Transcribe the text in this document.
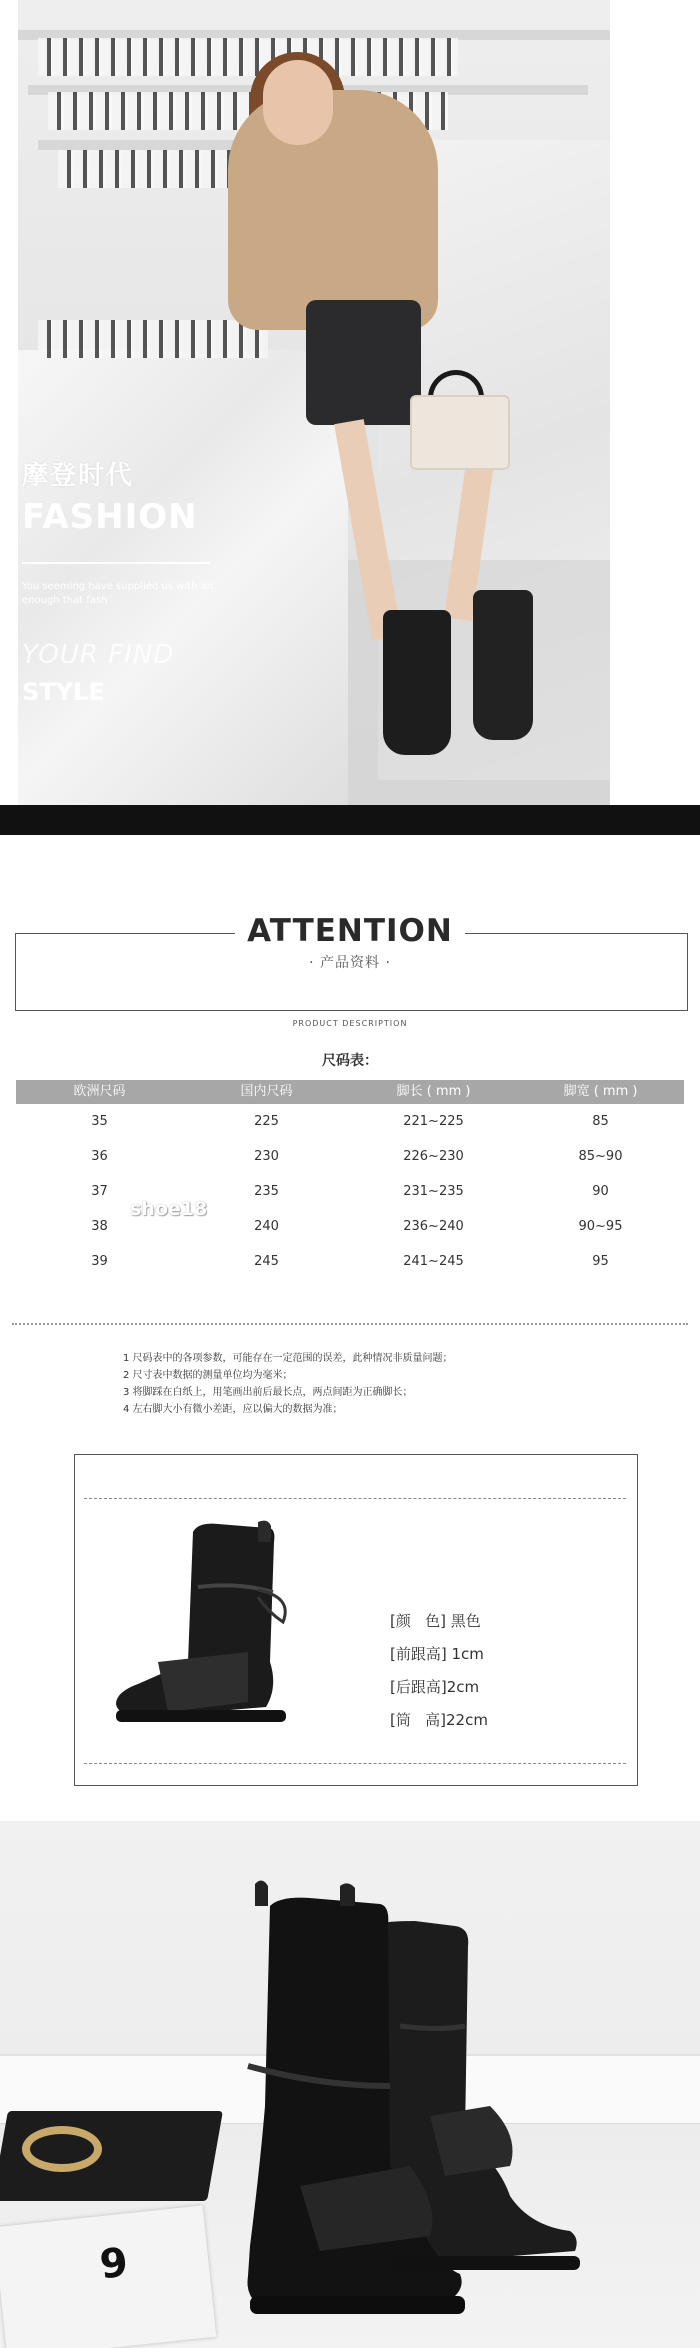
摩登时代
FASHION
You seeming have supplied us with an enough that fash
YOUR FIND
STYLE
ATTENTION
· 产品资料 ·
PRODUCT DESCRIPTION
尺码表：
欧洲尺码	国内尺码	脚长 ( mm )	脚宽 ( mm )
35	225	221~225	85
36	230	226~230	85~90
37	235	231~235	90
38	240	236~240	90~95
39	245	241~245	95
shoe18
1 尺码表中的各项参数，可能存在一定范围的误差，此种情况非质量问题；
2 尺寸表中数据的测量单位均为毫米；
3 将脚踩在白纸上，用笔画出前后最长点，两点间距为正确脚长；
4 左右脚大小有微小差距，应以偏大的数据为准；
[颜   色] 黑色
[前跟高] 1cm
[后跟高]2cm
[筒   高]22cm
9
